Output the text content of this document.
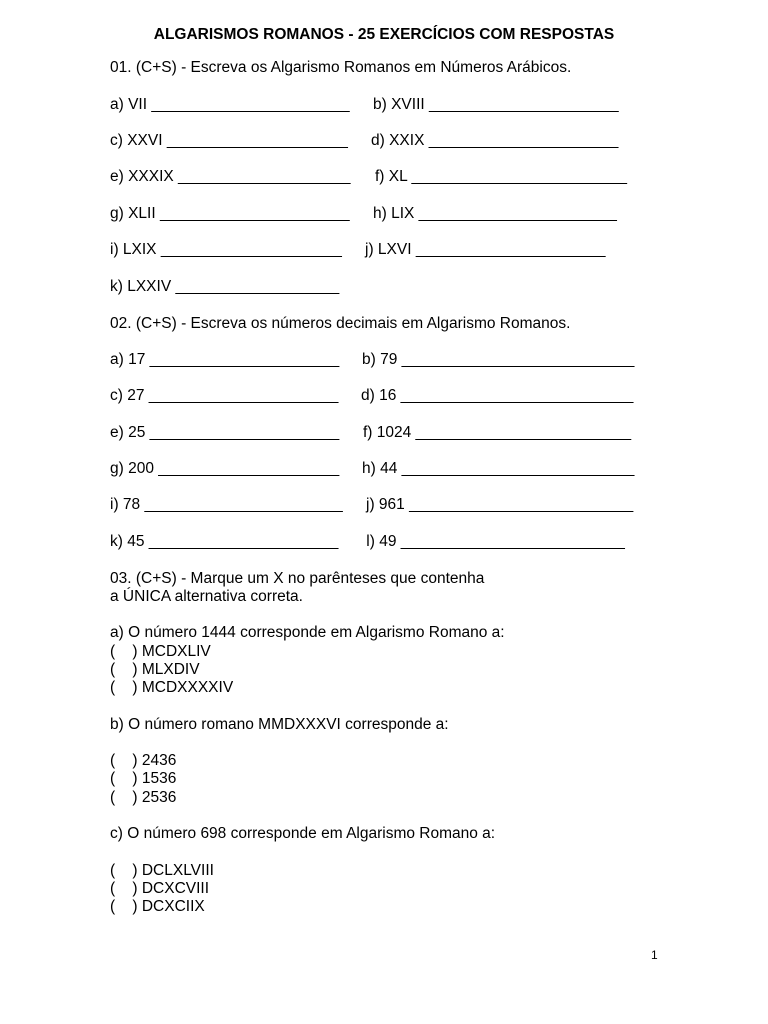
ALGARISMOS ROMANOS - 25 EXERCÍCIOS COM RESPOSTAS
01. (C+S) - Escreva os Algarismo Romanos em Números Arábicos.
a) VII _______________________ b) XVIII ______________________
c) XXVI _____________________ d) XXIX ______________________
e) XXXIX ____________________ f) XL _________________________
g) XLII ______________________ h) LIX _______________________
i) LXIX _____________________ j) LXVI ______________________
k) LXXIV ___________________
02. (C+S) - Escreva os números decimais em Algarismo Romanos.
a) 17 ______________________ b) 79 ___________________________
c) 27 ______________________ d) 16 ___________________________
e) 25 ______________________ f) 1024 _________________________
g) 200 _____________________ h) 44 ___________________________
i) 78 _______________________ j) 961 __________________________
k) 45 ______________________ l) 49 __________________________
03. (C+S) - Marque um X no parênteses que contenha
a ÚNICA alternativa correta.
a) O número 1444 corresponde em Algarismo Romano a:
(    ) MCDXLIV
(    ) MLXDIV
(    ) MCDXXXXIV
b) O número romano MMDXXXVI corresponde a:
(    ) 2436
(    ) 1536
(    ) 2536
c) O número 698 corresponde em Algarismo Romano a:
(    ) DCLXLVIII
(    ) DCXCVIII
(    ) DCXCIIX
1
